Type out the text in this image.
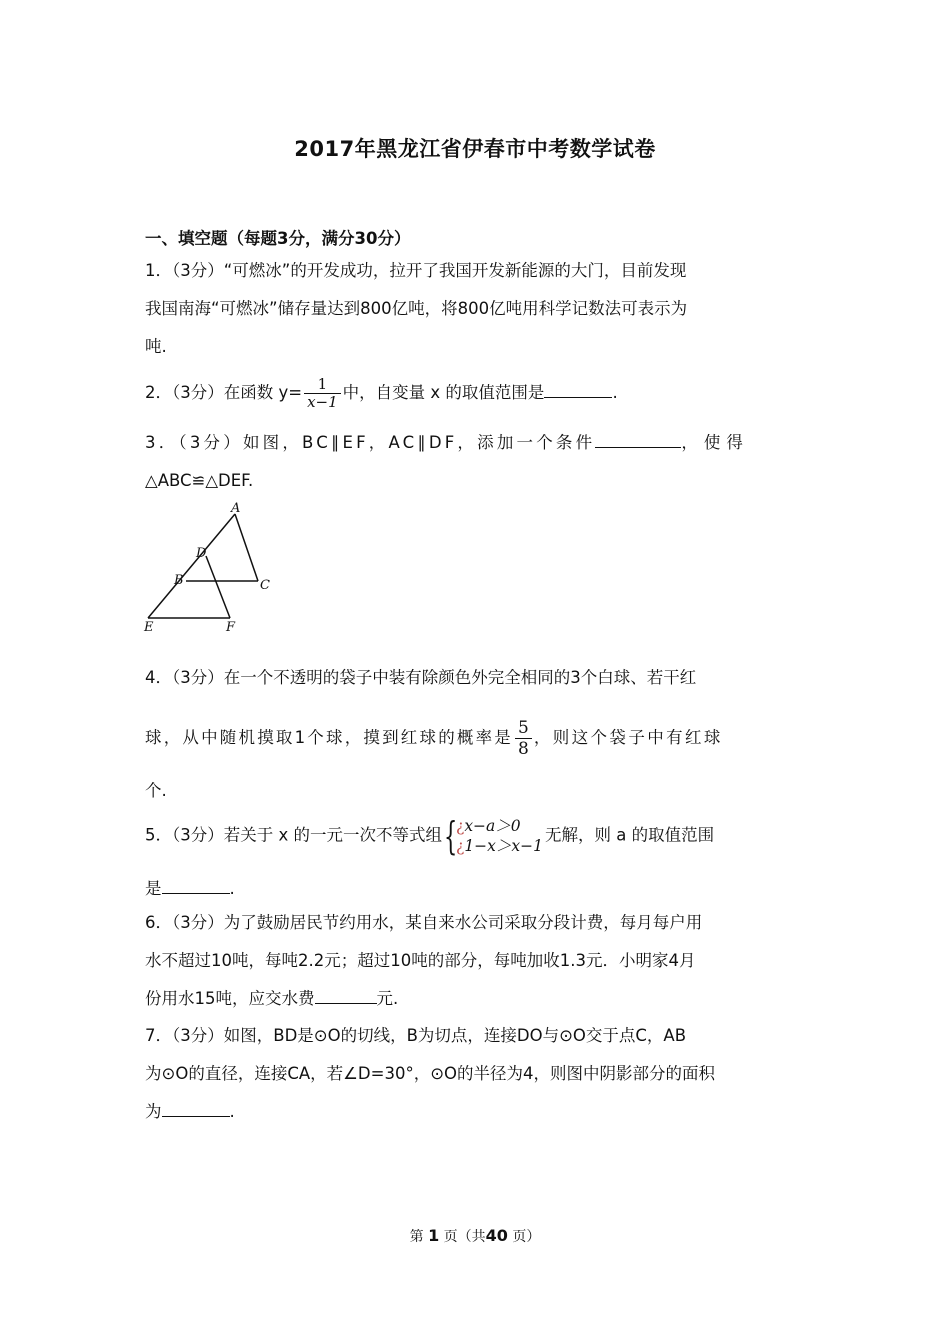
2017年黑龙江省伊春市中考数学试卷
一、填空题（每题3分，满分30分）
1．（3分）“可燃冰”的开发成功，拉开了我国开发新能源的大门，目前发现
我国南海“可燃冰”储存量达到800亿吨，将800亿吨用科学记数法可表示为
吨.
2．（3分）在函数 $y= \frac{1}{x-1}$ 中，自变量 x 的取值范围是	.
3．（3分）如图，BC∥EF，AC∥DF，添加一个条件	，使得
△ABC≌△DEF.
A
D
B	C
E	F
4．（3分）在一个不透明的袋子中装有除颜色外完全相同的3个白球、若干红
球，从中随机摸取1个球，摸到红球的概率是 $\frac{5}{8}$ ，则这个袋子中有红球
个.
5．（3分）若关于 x 的一元一次不等式组 {
¿x−a＞0
¿1−x＞x−1
无解，则 a 的取值范围
是	.
6．（3分）为了鼓励居民节约用水，某自来水公司采取分段计费，每月每户用
水不超过10吨，每吨2.2元；超过10吨的部分，每吨加收1.3元．小明家4月
份用水15吨，应交水费	元.
7．（3分）如图，BD是⊙O的切线，B为切点，连接DO与⊙O交于点C，AB
为⊙O的直径，连接CA，若∠D=30°，⊙O的半径为4，则图中阴影部分的面积
为	.
第 1 页（共40 页）
